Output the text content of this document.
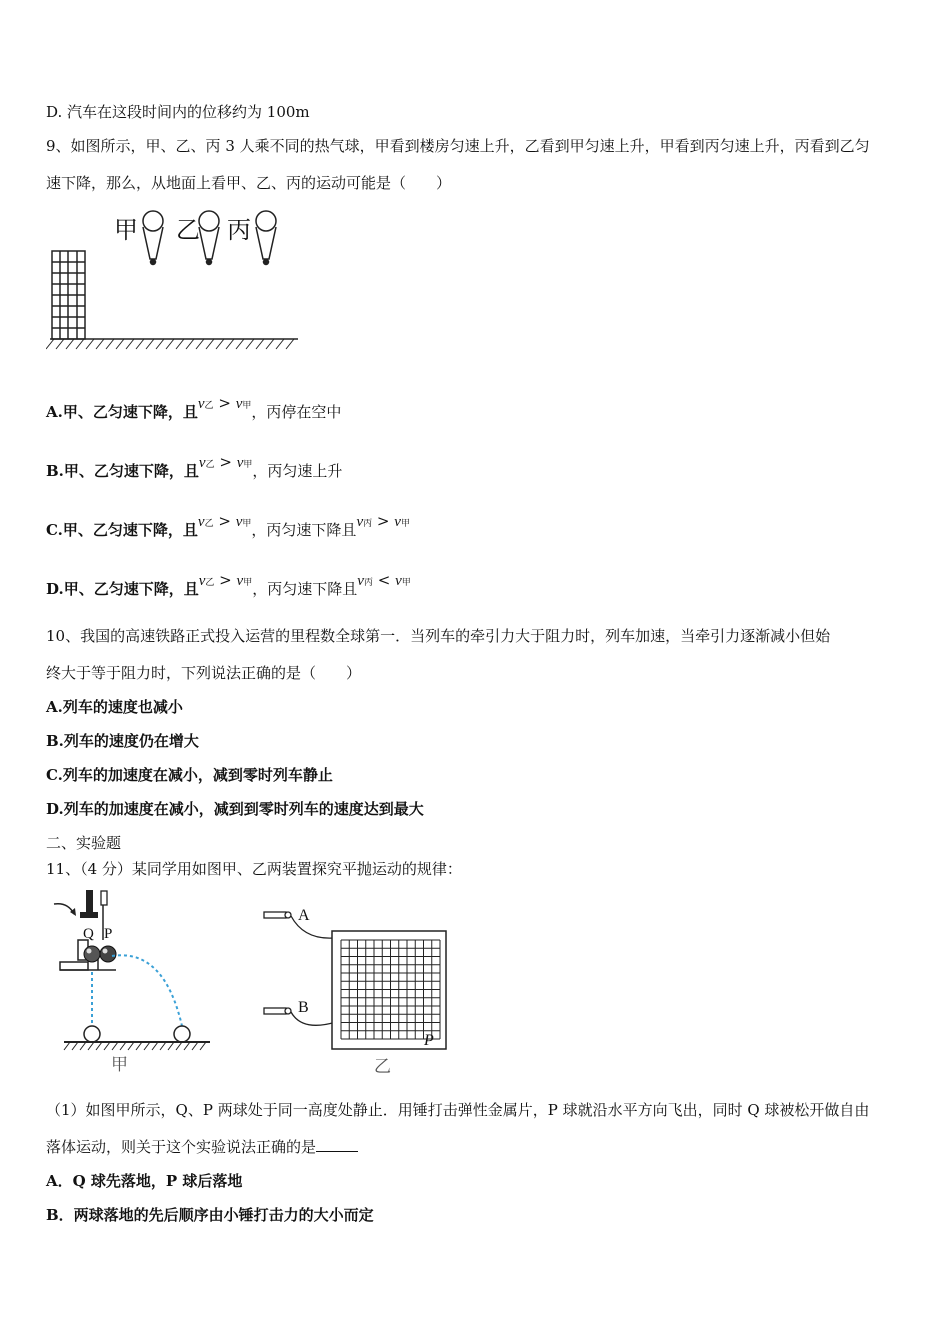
D. 汽车在这段时间内的位移约为 100m
9、如图所示，甲、乙、丙 3 人乘不同的热气球，甲看到楼房匀速上升，乙看到甲匀速上升，甲看到丙匀速上升，丙看到乙匀
速下降，那么，从地面上看甲、乙、丙的运动可能是（　　）
甲 乙 丙
A.甲、乙匀速下降，且v乙 > v甲，丙停在空中
B.甲、乙匀速下降，且v乙 > v甲，丙匀速上升
C.甲、乙匀速下降，且v乙 > v甲，丙匀速下降且v丙 > v甲
D.甲、乙匀速下降，且v乙 > v甲，丙匀速下降且v丙 < v甲
10、我国的高速铁路正式投入运营的里程数全球第一．当列车的牵引力大于阻力时，列车加速，当牵引力逐渐减小但始
终大于等于阻力时，下列说法正确的是（　　）
A.列车的速度也减小
B.列车的速度仍在增大
C.列车的加速度在减小，减到零时列车静止
D.列车的加速度在减小，减到到零时列车的速度达到最大
二、实验题
11、（4 分）某同学用如图甲、乙两装置探究平抛运动的规律：
Q P
甲
A
B
P
乙
（1）如图甲所示，Q、P 两球处于同一高度处静止．用锤打击弹性金属片，P 球就沿水平方向飞出，同时 Q 球被松开做自由
落体运动，则关于这个实验说法正确的是
A．Q 球先落地，P 球后落地
B．两球落地的先后顺序由小锤打击力的大小而定
